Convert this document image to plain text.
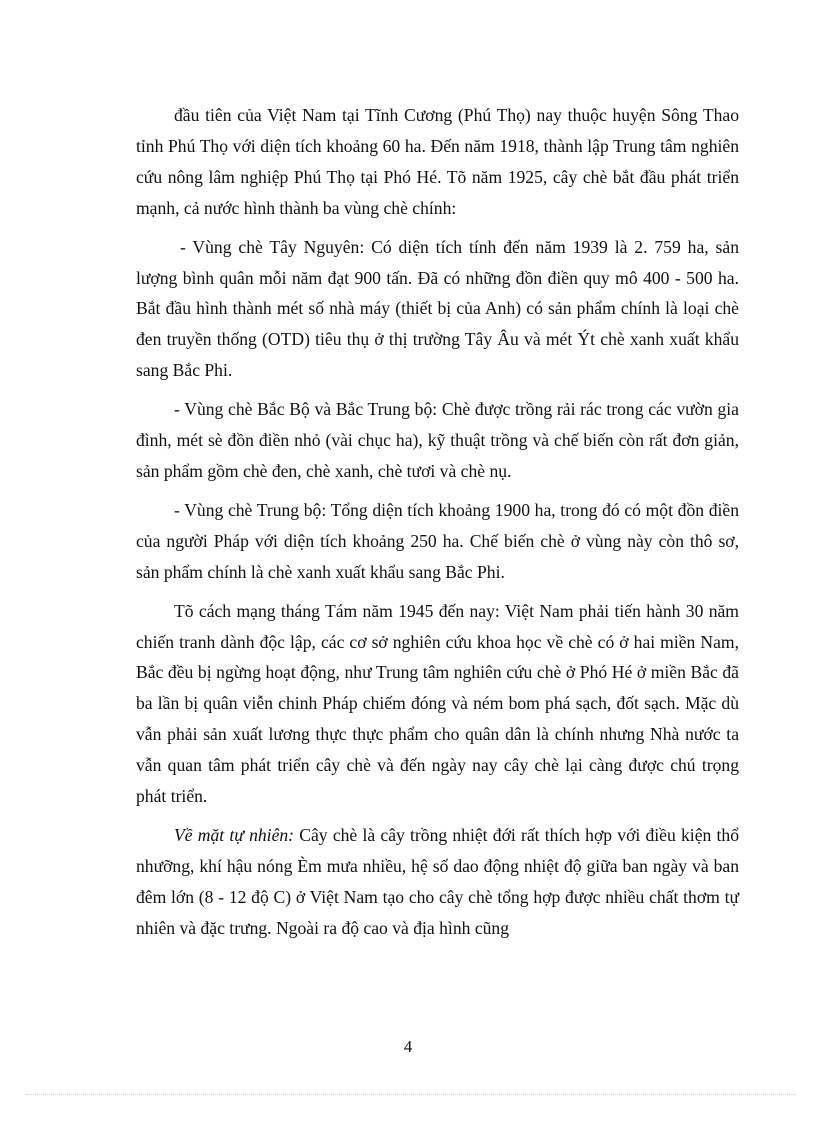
đầu tiên của Việt Nam tại Tĩnh Cương (Phú Thọ) nay thuộc huyện Sông Thao tỉnh Phú Thọ với diện tích khoảng 60 ha. Đến năm 1918, thành lập Trung tâm nghiên cứu nông lâm nghiệp Phú Thọ tại Phó Hé. Tõ năm 1925, cây chè bắt đầu phát triển mạnh, cả nước hình thành ba vùng chè chính:

- Vùng chè Tây Nguyên: Có diện tích tính đến năm 1939 là 2. 759 ha, sản lượng bình quân mỗi năm đạt 900 tấn. Đã có những đồn điền quy mô 400 - 500 ha. Bắt đầu hình thành mét số nhà máy (thiết bị của Anh) có sản phẩm chính là loại chè đen truyền thống (OTD) tiêu thụ ở thị trường Tây Âu và mét Ýt chè xanh xuất khẩu sang Bắc Phi.

- Vùng chè Bắc Bộ và Bắc Trung bộ: Chè được trồng rải rác trong các vườn gia đình, mét sè đồn điền nhỏ (vài chục ha), kỹ thuật trồng và chế biến còn rất đơn giản, sản phẩm gồm chè đen, chè xanh, chè tươi và chè nụ.

- Vùng chè Trung bộ: Tổng diện tích khoảng 1900 ha, trong đó có một đồn điền của người Pháp với diện tích khoảng 250 ha. Chế biến chè ở vùng này còn thô sơ, sản phẩm chính là chè xanh xuất khẩu sang Bắc Phi.

Tõ cách mạng tháng Tám năm 1945 đến nay: Việt Nam phải tiến hành 30 năm chiến tranh dành độc lập, các cơ sở nghiên cứu khoa học về chè có ở hai miền Nam, Bắc đều bị ngừng hoạt động, như Trung tâm nghiên cứu chè ở Phó Hé ở miền Bắc đã ba lần bị quân viễn chinh Pháp chiếm đóng và ném bom phá sạch, đốt sạch. Mặc dù vẫn phải sản xuất lương thực thực phẩm cho quân dân là chính nhưng Nhà nước ta vẫn quan tâm phát triển cây chè và đến ngày nay cây chè lại càng được chú trọng phát triển.

Về mặt tự nhiên: Cây chè là cây trồng nhiệt đới rất thích hợp với điều kiện thổ nhưỡng, khí hậu nóng Èm mưa nhiều, hệ số dao động nhiệt độ giữa ban ngày và ban đêm lớn (8 - 12 độ C) ở Việt Nam tạo cho cây chè tổng hợp được nhiều chất thơm tự nhiên và đặc trưng. Ngoài ra độ cao và địa hình cũng

4
